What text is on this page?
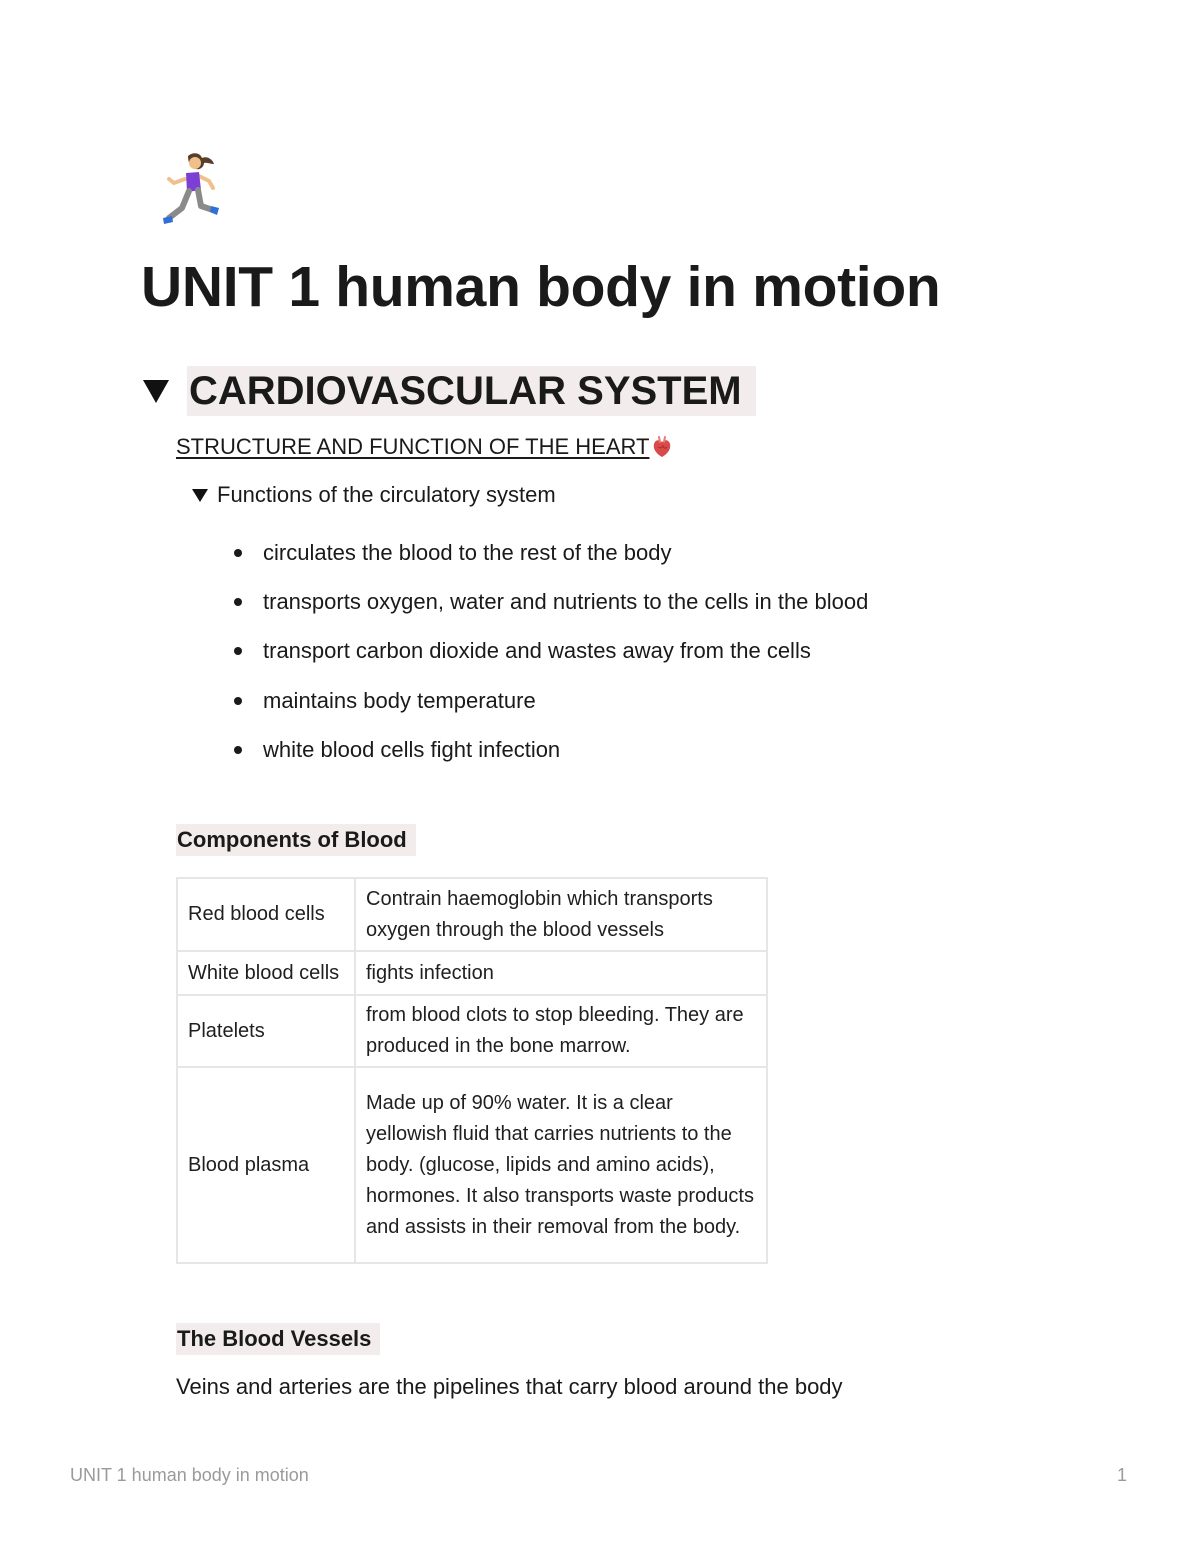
UNIT 1 human body in motion
CARDIOVASCULAR SYSTEM
STRUCTURE AND FUNCTION OF THE HEART
Functions of the circulatory system
circulates the blood to the rest of the body
transports oxygen, water and nutrients to the cells in the blood
transport carbon dioxide and wastes away from the cells
maintains body temperature
white blood cells fight infection
Components of Blood
Red blood cells	Contrain haemoglobin which transports oxygen through the blood vessels
White blood cells	fights infection
Platelets	from blood clots to stop bleeding. They are produced in the bone marrow.
Blood plasma	Made up of 90% water. It is a clear yellowish fluid that carries nutrients to the body. (glucose, lipids and amino acids), hormones. It also transports waste products and assists in their removal from the body.
The Blood Vessels
Veins and arteries are the pipelines that carry blood around the body
UNIT 1 human body in motion	1
